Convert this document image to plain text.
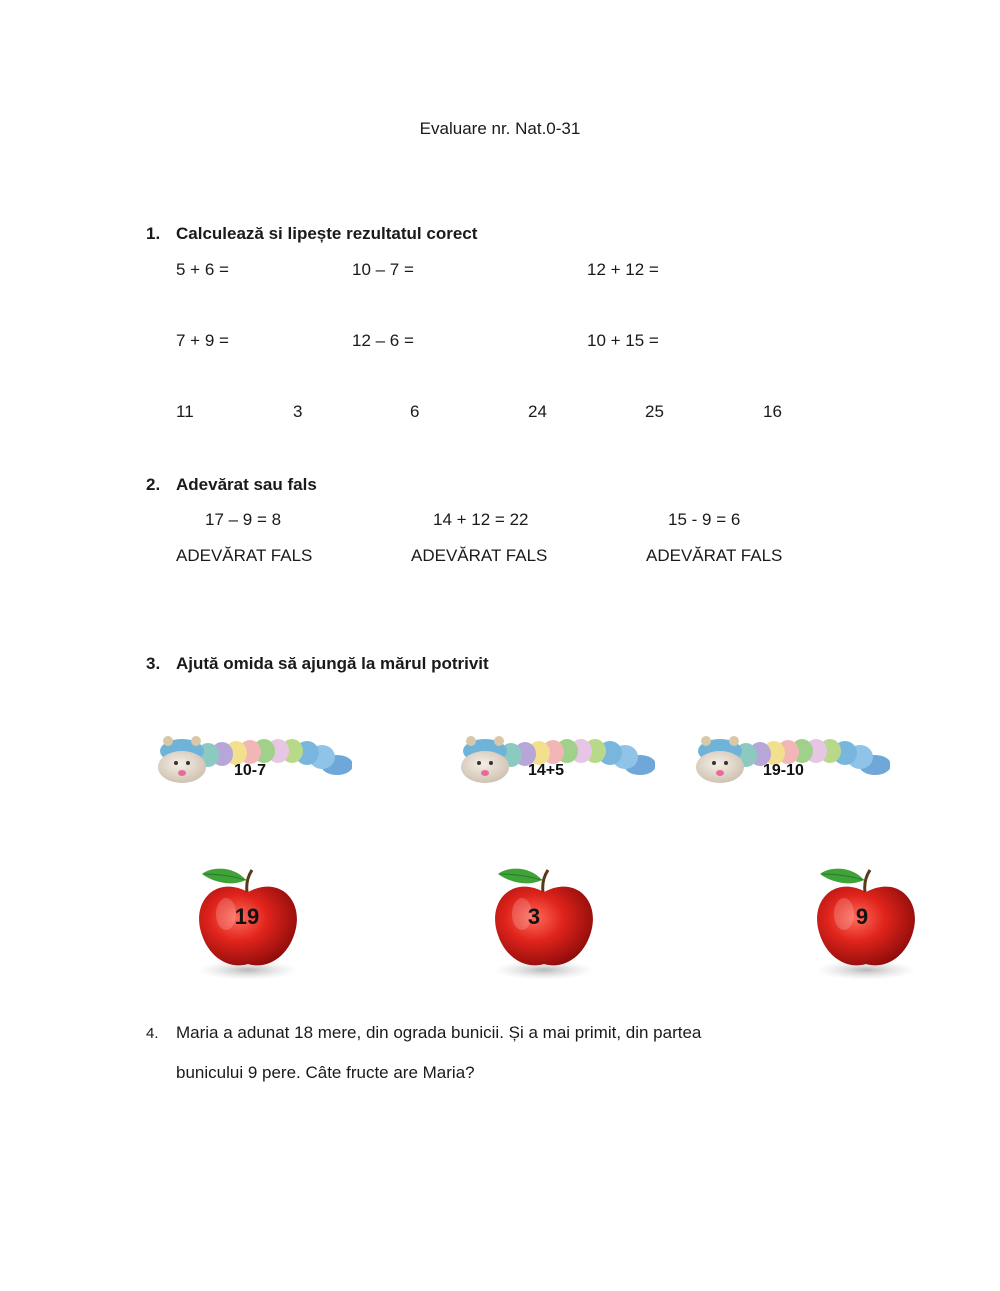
Evaluare nr. Nat.0-31
1. Calculează si lipește rezultatul corect
5 + 6 =	10 – 7 =	12 + 12 =
7 + 9 =	12 – 6 =	10 + 15 =
11	3	6	24	25	16
2. Adevărat sau fals
17 – 9 = 8	14 + 12 = 22	15 - 9 = 6
ADEVĂRAT FALS	ADEVĂRAT FALS	ADEVĂRAT FALS
3. Ajută omida să ajungă la mărul potrivit
10-7	14+5	19-10
19	3	9
4. Maria a adunat 18 mere, din ograda bunicii. Și a mai primit, din partea
bunicului 9 pere. Câte fructe are Maria?
